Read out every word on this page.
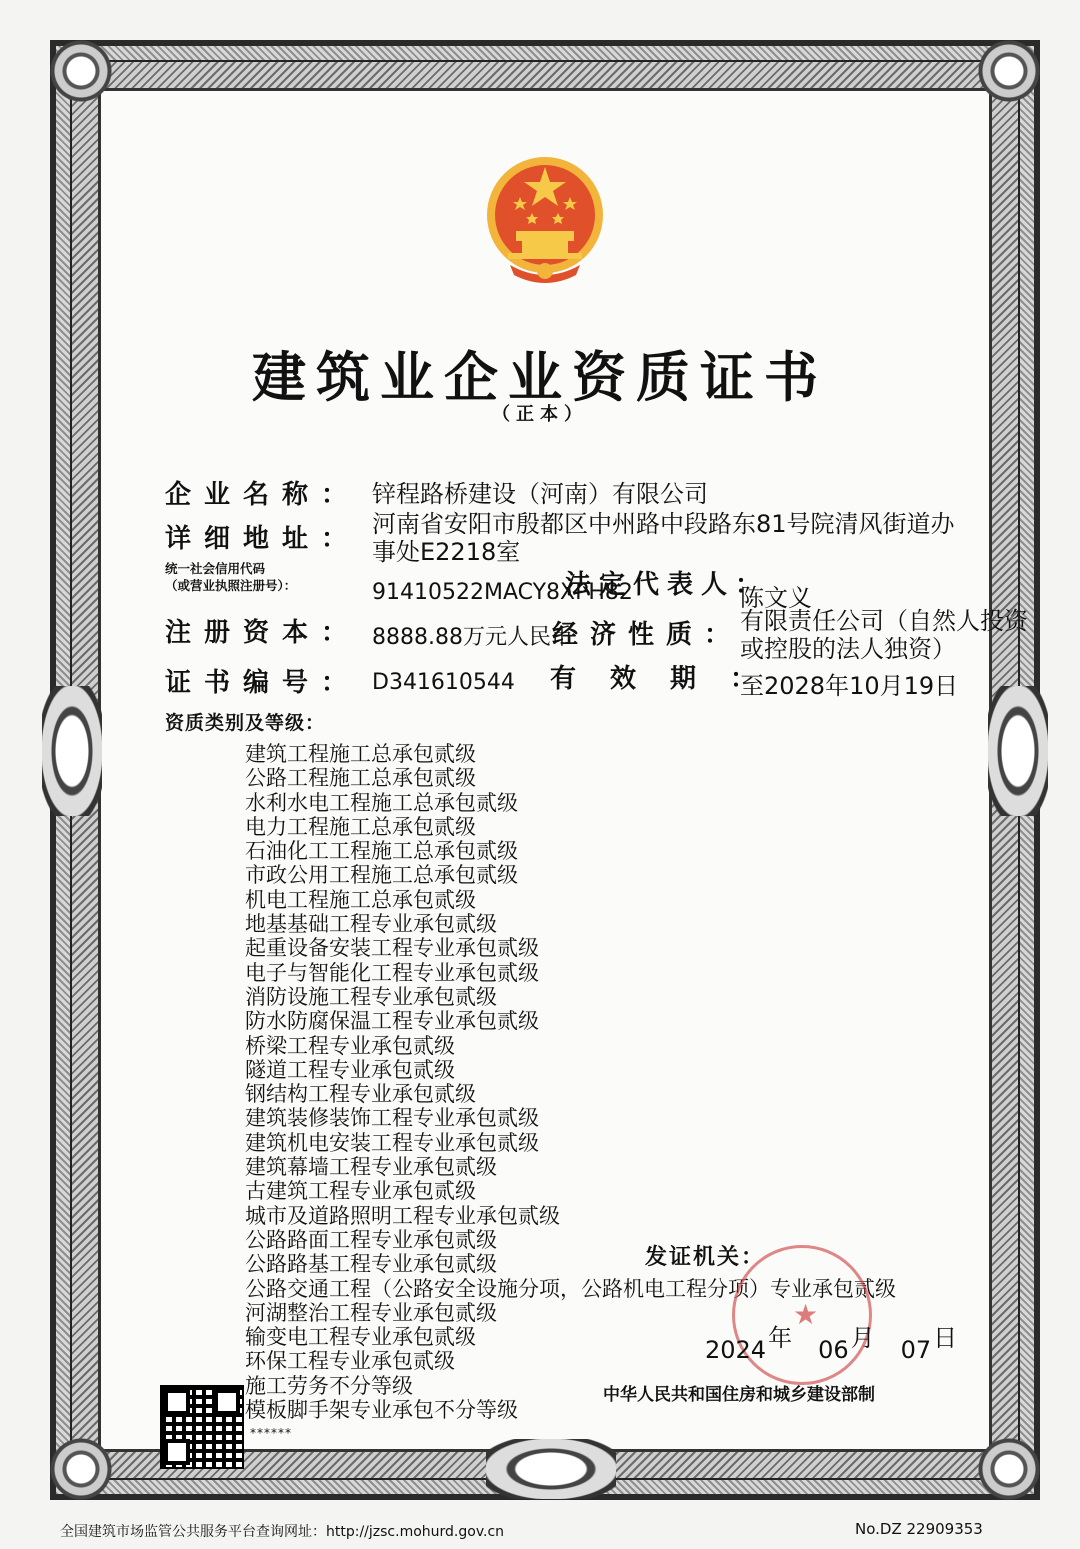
建筑业企业资质证书
（正本）
企业名称： 锌程路桥建设（河南）有限公司
详细地址： 河南省安阳市殷都区中州路中段路东81号院清风街道办
事处E2218室
统一社会信用代码
（或营业执照注册号）：	91410522MACY8XPH82
法定代表人：
陈文义
注册资本： 8888.88万元人民币
经济性质：
有限责任公司（自然人投资
或控股的法人独资）
证书编号： D341610544 有效期：
至2028年10月19日
资质类别及等级：
建筑工程施工总承包贰级
公路工程施工总承包贰级
水利水电工程施工总承包贰级
电力工程施工总承包贰级
石油化工工程施工总承包贰级
市政公用工程施工总承包贰级
机电工程施工总承包贰级
地基基础工程专业承包贰级
起重设备安装工程专业承包贰级
电子与智能化工程专业承包贰级
消防设施工程专业承包贰级
防水防腐保温工程专业承包贰级
桥梁工程专业承包贰级
隧道工程专业承包贰级
钢结构工程专业承包贰级
建筑装修装饰工程专业承包贰级
建筑机电安装工程专业承包贰级
建筑幕墙工程专业承包贰级
古建筑工程专业承包贰级
城市及道路照明工程专业承包贰级
公路路面工程专业承包贰级
公路路基工程专业承包贰级
公路交通工程（公路安全设施分项，公路机电工程分项）专业承包贰级
河湖整治工程专业承包贰级
输变电工程专业承包贰级
环保工程专业承包贰级
施工劳务不分等级
模板脚手架专业承包不分等级
发证机关：
★
2024年 06月 07日
中华人民共和国住房和城乡建设部制
******
全国建筑市场监管公共服务平台查询网址：http://jzsc.mohurd.gov.cn	No.DZ 22909353
